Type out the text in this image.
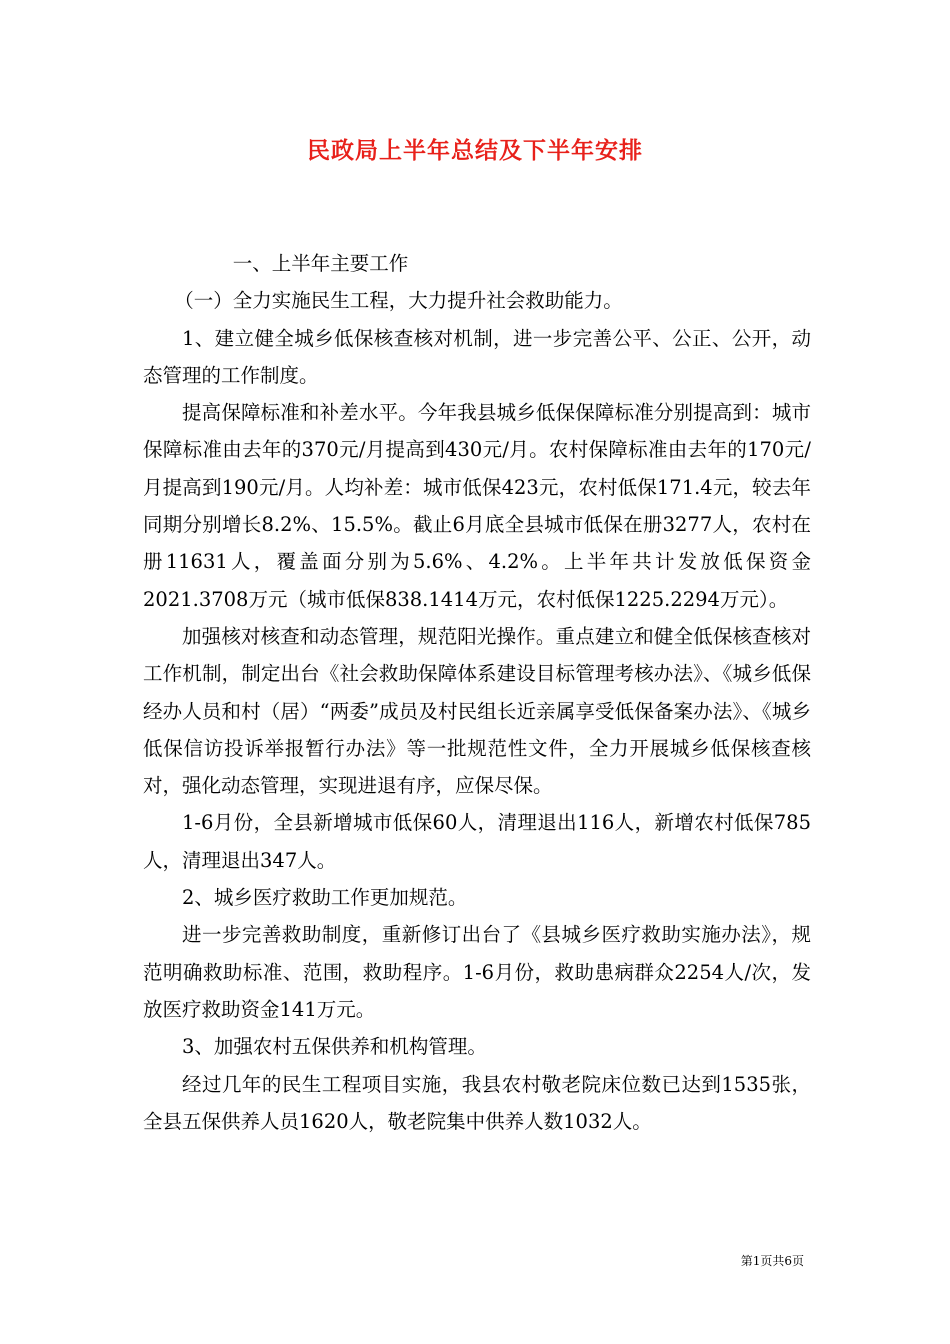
民政局上半年总结及下半年安排

一、上半年主要工作

（一）全力实施民生工程，大力提升社会救助能力。

1、建立健全城乡低保核查核对机制，进一步完善公平、公正、公开，动态管理的工作制度。

提高保障标准和补差水平。今年我县城乡低保保障标准分别提高到：城市保障标准由去年的370元/月提高到430元/月。农村保障标准由去年的170元/月提高到190元/月。人均补差：城市低保423元，农村低保171.4元，较去年同期分别增长8.2%、15.5%。截止6月底全县城市低保在册3277人，农村在册11631人，覆盖面分别为5.6%、4.2%。上半年共计发放低保资金2021.3708万元（城市低保838.1414万元，农村低保1225.2294万元）。

加强核对核查和动态管理，规范阳光操作。重点建立和健全低保核查核对工作机制，制定出台《社会救助保障体系建设目标管理考核办法》、《城乡低保经办人员和村（居）“两委”成员及村民组长近亲属享受低保备案办法》、《城乡低保信访投诉举报暂行办法》等一批规范性文件，全力开展城乡低保核查核对，强化动态管理，实现进退有序，应保尽保。

1-6月份，全县新增城市低保60人，清理退出116人，新增农村低保785人，清理退出347人。

2、城乡医疗救助工作更加规范。

进一步完善救助制度，重新修订出台了《县城乡医疗救助实施办法》，规范明确救助标准、范围，救助程序。1-6月份，救助患病群众2254人/次，发放医疗救助资金141万元。

3、加强农村五保供养和机构管理。

经过几年的民生工程项目实施，我县农村敬老院床位数已达到1535张，全县五保供养人员1620人，敬老院集中供养人数1032人。

第1页共6页
